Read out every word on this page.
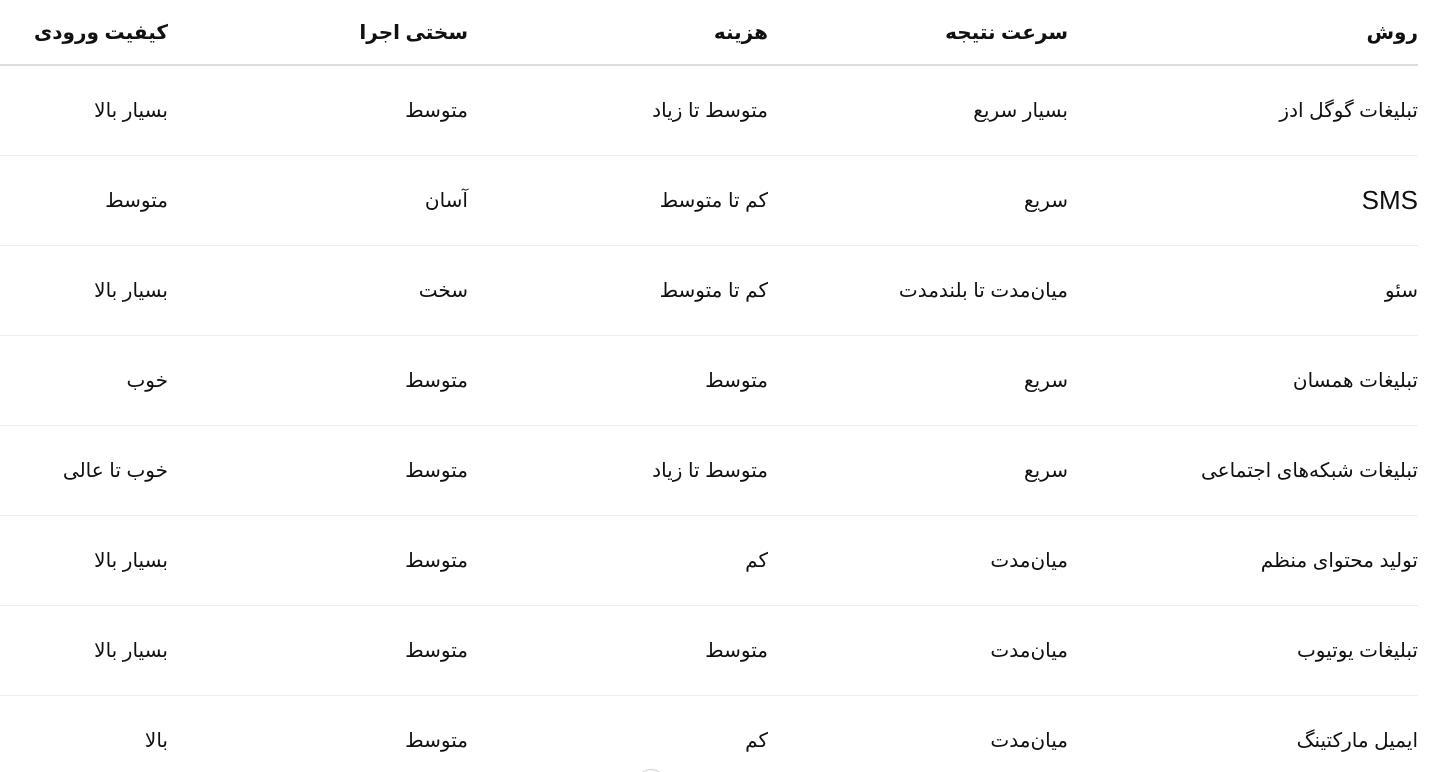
روش	سرعت نتیجه	هزینه	سختی اجرا	کیفیت ورودی
تبلیغات گوگل ادز	بسیار سریع	متوسط تا زیاد	متوسط	بسیار بالا
SMS	سریع	کم تا متوسط	آسان	متوسط
سئو	میان‌مدت تا بلندمدت	کم تا متوسط	سخت	بسیار بالا
تبلیغات همسان	سریع	متوسط	متوسط	خوب
تبلیغات شبکه‌های اجتماعی	سریع	متوسط تا زیاد	متوسط	خوب تا عالی
تولید محتوای منظم	میان‌مدت	کم	متوسط	بسیار بالا
تبلیغات یوتیوب	میان‌مدت	متوسط	متوسط	بسیار بالا
ایمیل مارکتینگ	میان‌مدت	کم	متوسط	بالا
